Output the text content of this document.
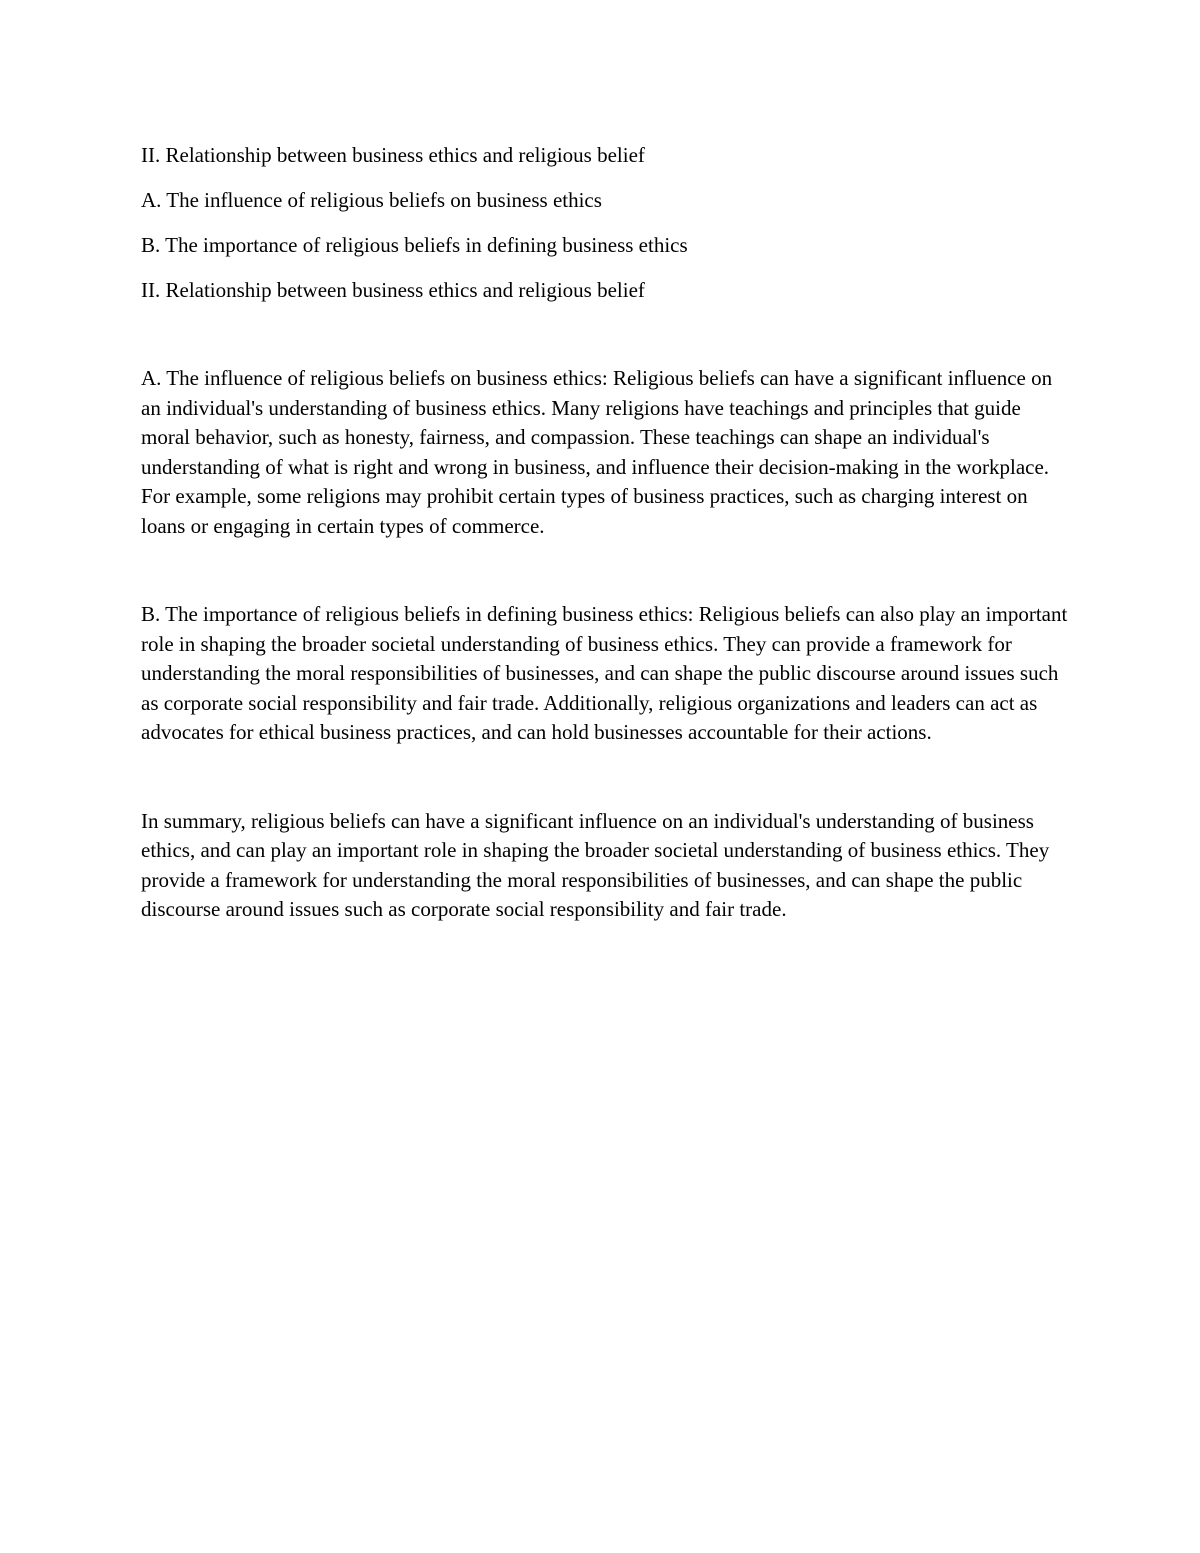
II. Relationship between business ethics and religious belief

A. The influence of religious beliefs on business ethics

B. The importance of religious beliefs in defining business ethics

II. Relationship between business ethics and religious belief

A. The influence of religious beliefs on business ethics: Religious beliefs can have a significant influence on an individual's understanding of business ethics. Many religions have teachings and principles that guide moral behavior, such as honesty, fairness, and compassion. These teachings can shape an individual's understanding of what is right and wrong in business, and influence their decision-making in the workplace. For example, some religions may prohibit certain types of business practices, such as charging interest on loans or engaging in certain types of commerce.

B. The importance of religious beliefs in defining business ethics: Religious beliefs can also play an important role in shaping the broader societal understanding of business ethics. They can provide a framework for understanding the moral responsibilities of businesses, and can shape the public discourse around issues such as corporate social responsibility and fair trade. Additionally, religious organizations and leaders can act as advocates for ethical business practices, and can hold businesses accountable for their actions.

In summary, religious beliefs can have a significant influence on an individual's understanding of business ethics, and can play an important role in shaping the broader societal understanding of business ethics. They provide a framework for understanding the moral responsibilities of businesses, and can shape the public discourse around issues such as corporate social responsibility and fair trade.
